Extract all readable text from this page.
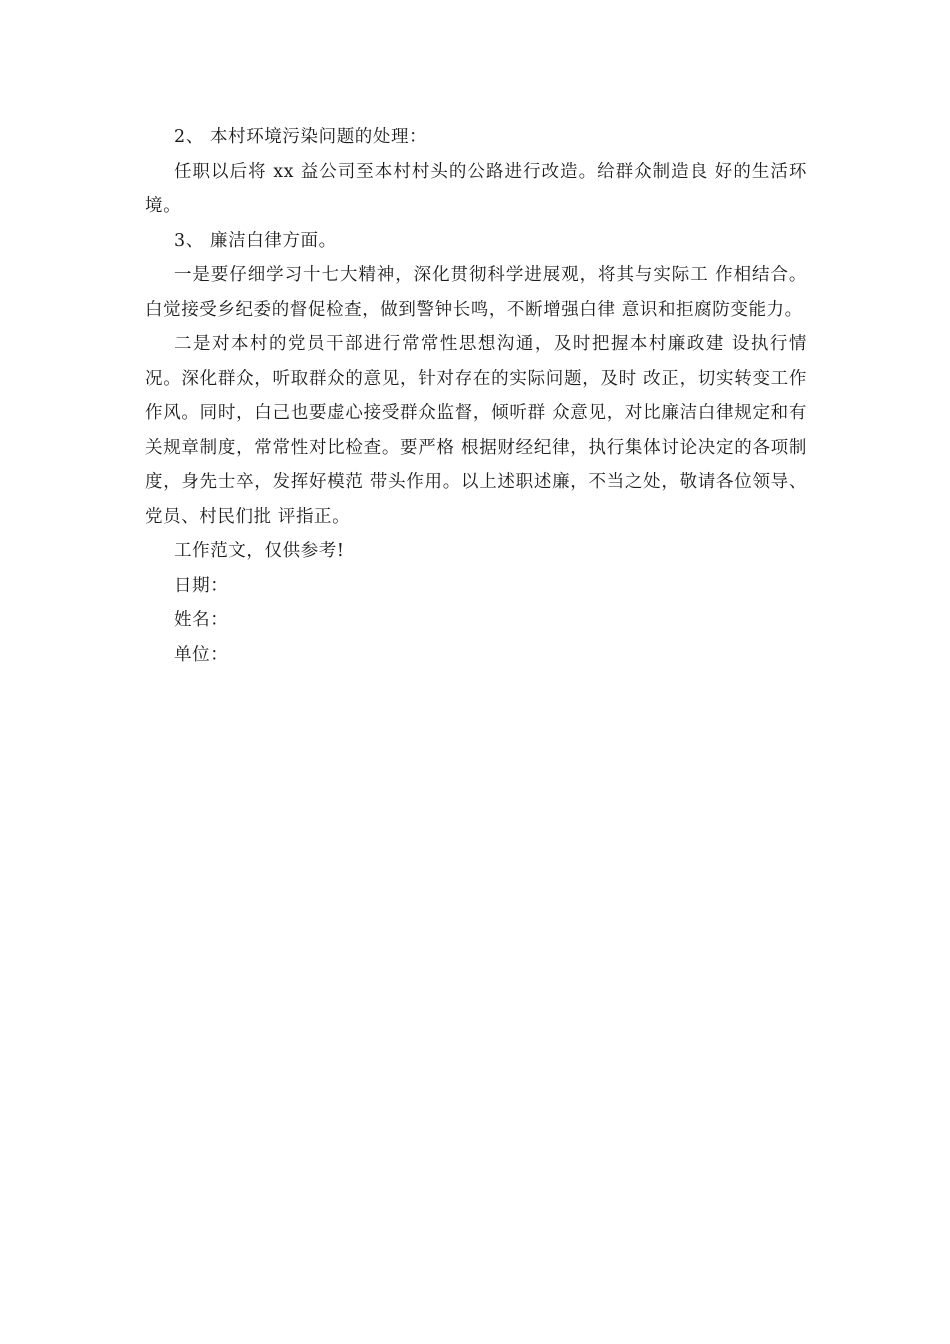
2、 本村环境污染问题的处理：

任职以后将 xx 益公司至本村村头的公路进行改造。给群众制造良 好的生活环境。

3、 廉洁白律方面。

一是要仔细学习十七大精神，深化贯彻科学进展观，将其与实际工 作相结合。白觉接受乡纪委的督促检查，做到警钟长鸣，不断增强白律 意识和拒腐防变能力。

二是对本村的党员干部进行常常性思想沟通，及时把握本村廉政建 设执行情况。深化群众，听取群众的意见，针对存在的实际问题，及时 改正，切实转变工作作风。同时，白己也要虚心接受群众监督，倾听群 众意见，对比廉洁白律规定和有关规章制度，常常性对比检查。要严格 根据财经纪律，执行集体讨论决定的各项制度，身先士卒，发挥好模范 带头作用。以上述职述廉，不当之处，敬请各位领导、党员、村民们批 评指正。

工作范文，仅供参考!

日期：

姓名：

单位：
